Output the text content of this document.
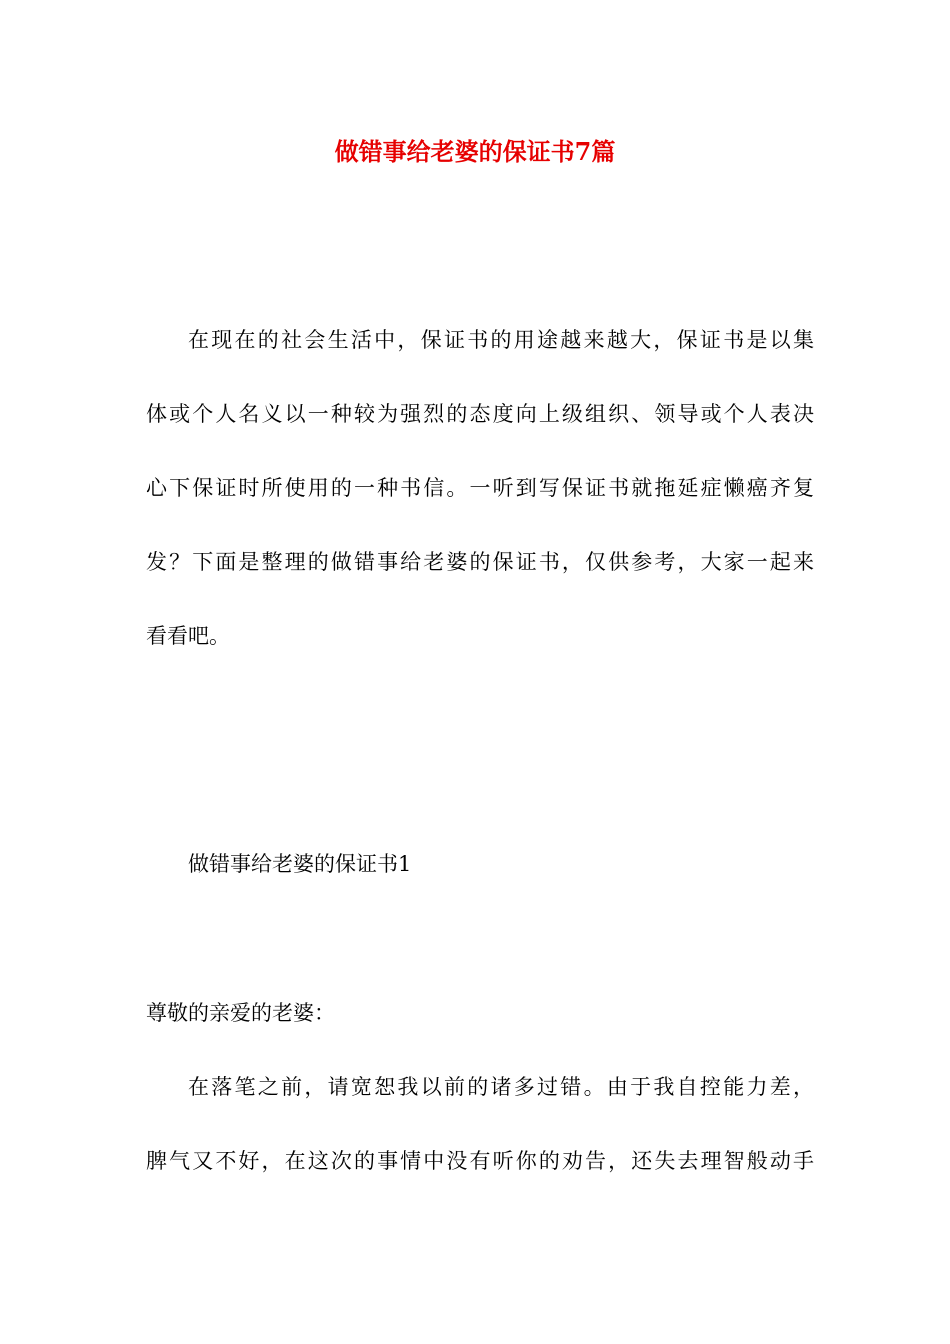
做错事给老婆的保证书7篇

在现在的社会生活中，保证书的用途越来越大，保证书是以集

体或个人名义以一种较为强烈的态度向上级组织、领导或个人表决

心下保证时所使用的一种书信。一听到写保证书就拖延症懒癌齐复

发？下面是整理的做错事给老婆的保证书，仅供参考，大家一起来

看看吧。

做错事给老婆的保证书1

尊敬的亲爱的老婆：

在落笔之前，请宽恕我以前的诸多过错。由于我自控能力差，

脾气又不好，在这次的事情中没有听你的劝告，还失去理智般动手
